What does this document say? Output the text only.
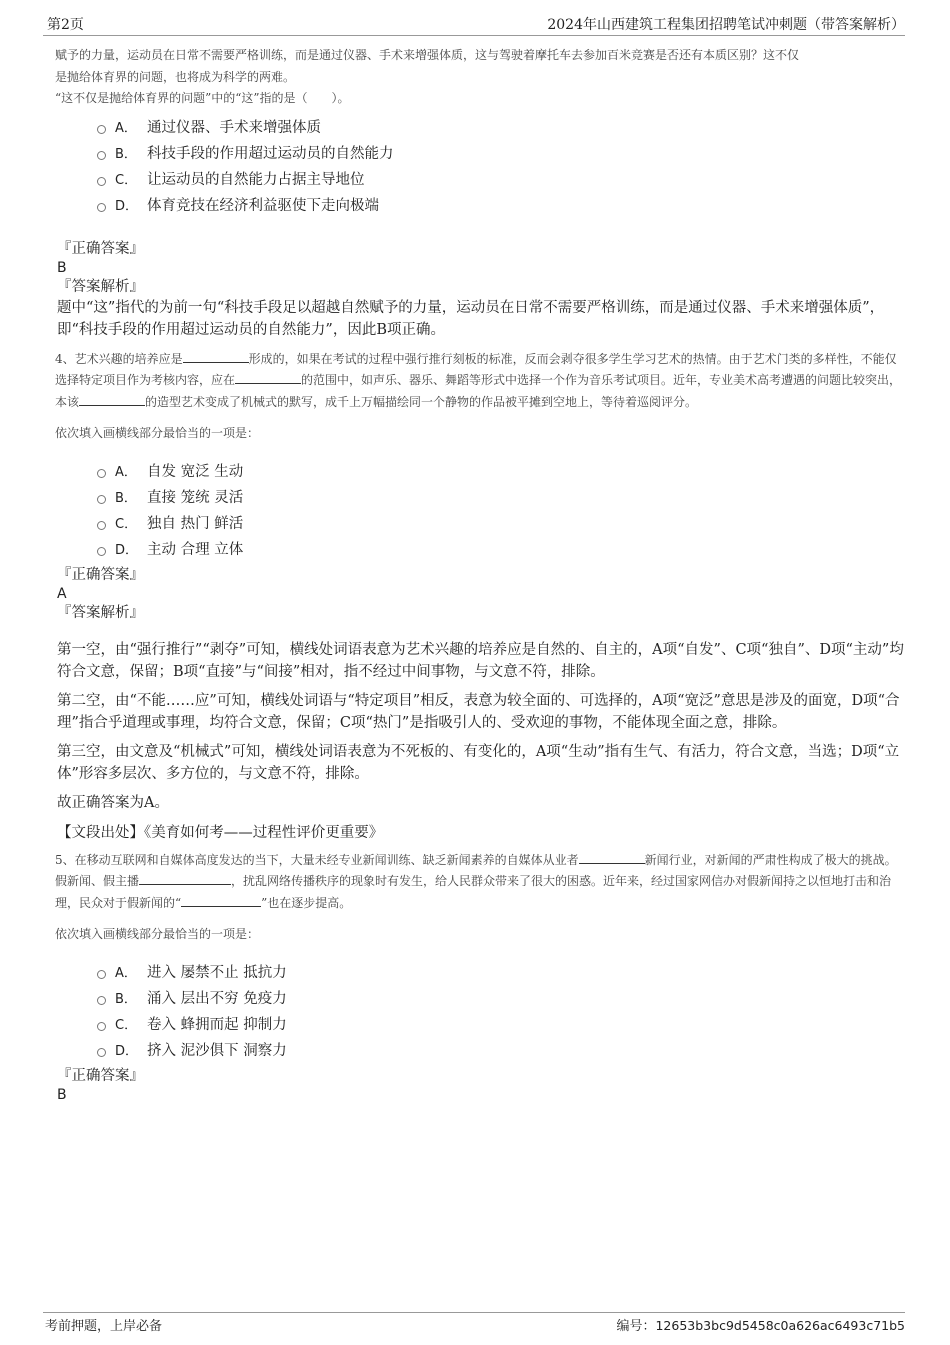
第2页	2024年山西建筑工程集团招聘笔试冲刺题（带答案解析）
赋予的力量，运动员在日常不需要严格训练，而是通过仪器、手术来增强体质，这与驾驶着摩托车去参加百米竞赛是否还有本质区别？这不仅
是抛给体育界的问题，也将成为科学的两难。
“这不仅是抛给体育界的问题”中的“这”指的是（　　）。
A． 通过仪器、手术来增强体质
B． 科技手段的作用超过运动员的自然能力
C． 让运动员的自然能力占据主导地位
D． 体育竞技在经济利益驱使下走向极端
『正确答案』
B
『答案解析』
题中“这”指代的为前一句“科技手段足以超越自然赋予的力量，运动员在日常不需要严格训练，而是通过仪器、手术来增强体质”，即“科技手段的作用超过运动员的自然能力”，因此B项正确。
4、艺术兴趣的培养应是	形成的，如果在考试的过程中强行推行刻板的标准，反而会剥夺很多学生学习艺术的热情。由于艺术门类的多样性，不能仅选择特定项目作为考核内容，应在	的范围中，如声乐、器乐、舞蹈等形式中选择一个作为音乐考试项目。近年，专业美术高考遭遇的问题比较突出，本该	的造型艺术变成了机械式的默写，成千上万幅描绘同一个静物的作品被平摊到空地上，等待着巡阅评分。
依次填入画横线部分最恰当的一项是：
A． 自发 宽泛 生动
B． 直接 笼统 灵活
C． 独自 热门 鲜活
D． 主动 合理 立体
『正确答案』
A
『答案解析』
第一空，由“强行推行”“剥夺”可知，横线处词语表意为艺术兴趣的培养应是自然的、自主的，A项“自发”、C项“独自”、D项“主动”均符合文意，保留；B项“直接”与“间接”相对，指不经过中间事物，与文意不符，排除。
第二空，由“不能……应”可知，横线处词语与“特定项目”相反，表意为较全面的、可选择的，A项“宽泛”意思是涉及的面宽，D项“合理”指合乎道理或事理，均符合文意，保留；C项“热门”是指吸引人的、受欢迎的事物，不能体现全面之意，排除。
第三空，由文意及“机械式”可知，横线处词语表意为不死板的、有变化的，A项“生动”指有生气、有活力，符合文意，当选；D项“立体”形容多层次、多方位的，与文意不符，排除。
故正确答案为A。
【文段出处】《美育如何考——过程性评价更重要》
5、在移动互联网和自媒体高度发达的当下，大量未经专业新闻训练、缺乏新闻素养的自媒体从业者	新闻行业，对新闻的严肃性构成了极大的挑战。假新闻、假主播	，扰乱网络传播秩序的现象时有发生，给人民群众带来了很大的困惑。近年来，经过国家网信办对假新闻持之以恒地打击和治理，民众对于假新闻的“	”也在逐步提高。
依次填入画横线部分最恰当的一项是：
A． 进入 屡禁不止 抵抗力
B． 涌入 层出不穷 免疫力
C． 卷入 蜂拥而起 抑制力
D． 挤入 泥沙俱下 洞察力
『正确答案』
B
考前押题，上岸必备	编号：12653b3bc9d5458c0a626ac6493c71b5
